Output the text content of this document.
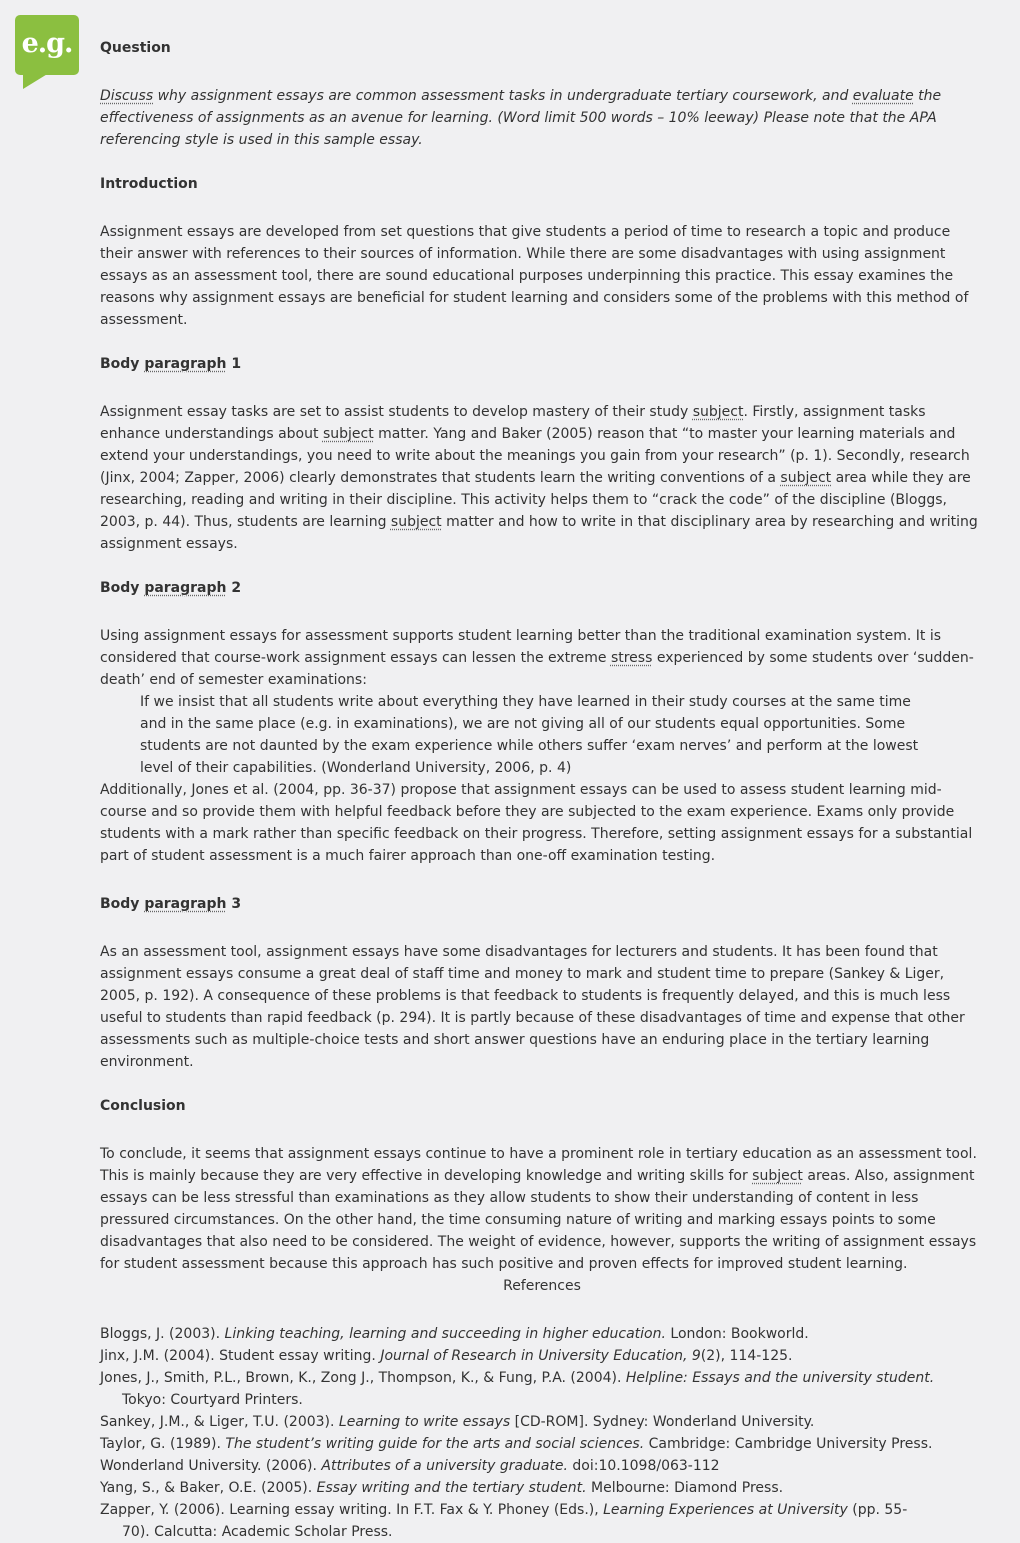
e.g. Question

Discuss why assignment essays are common assessment tasks in undergraduate tertiary coursework, and evaluate the effectiveness of assignments as an avenue for learning. (Word limit 500 words – 10% leeway) Please note that the APA referencing style is used in this sample essay.

Introduction

Assignment essays are developed from set questions that give students a period of time to research a topic and produce their answer with references to their sources of information. While there are some disadvantages with using assignment essays as an assessment tool, there are sound educational purposes underpinning this practice. This essay examines the reasons why assignment essays are beneficial for student learning and considers some of the problems with this method of assessment.

Body paragraph 1

Assignment essay tasks are set to assist students to develop mastery of their study subject. Firstly, assignment tasks enhance understandings about subject matter. Yang and Baker (2005) reason that “to master your learning materials and extend your understandings, you need to write about the meanings you gain from your research” (p. 1). Secondly, research (Jinx, 2004; Zapper, 2006) clearly demonstrates that students learn the writing conventions of a subject area while they are researching, reading and writing in their discipline. This activity helps them to “crack the code” of the discipline (Bloggs, 2003, p. 44). Thus, students are learning subject matter and how to write in that disciplinary area by researching and writing assignment essays.

Body paragraph 2

Using assignment essays for assessment supports student learning better than the traditional examination system. It is considered that course-work assignment essays can lessen the extreme stress experienced by some students over ‘sudden-death’ end of semester examinations:

If we insist that all students write about everything they have learned in their study courses at the same time and in the same place (e.g. in examinations), we are not giving all of our students equal opportunities. Some students are not daunted by the exam experience while others suffer ‘exam nerves’ and perform at the lowest level of their capabilities. (Wonderland University, 2006, p. 4)

Additionally, Jones et al. (2004, pp. 36-37) propose that assignment essays can be used to assess student learning mid-course and so provide them with helpful feedback before they are subjected to the exam experience. Exams only provide students with a mark rather than specific feedback on their progress. Therefore, setting assignment essays for a substantial part of student assessment is a much fairer approach than one-off examination testing.

Body paragraph 3

As an assessment tool, assignment essays have some disadvantages for lecturers and students. It has been found that assignment essays consume a great deal of staff time and money to mark and student time to prepare (Sankey & Liger, 2005, p. 192). A consequence of these problems is that feedback to students is frequently delayed, and this is much less useful to students than rapid feedback (p. 294). It is partly because of these disadvantages of time and expense that other assessments such as multiple-choice tests and short answer questions have an enduring place in the tertiary learning environment.

Conclusion

To conclude, it seems that assignment essays continue to have a prominent role in tertiary education as an assessment tool. This is mainly because they are very effective in developing knowledge and writing skills for subject areas. Also, assignment essays can be less stressful than examinations as they allow students to show their understanding of content in less pressured circumstances. On the other hand, the time consuming nature of writing and marking essays points to some disadvantages that also need to be considered. The weight of evidence, however, supports the writing of assignment essays for student assessment because this approach has such positive and proven effects for improved student learning.

References

Bloggs, J. (2003). Linking teaching, learning and succeeding in higher education. London: Bookworld.

Jinx, J.M. (2004). Student essay writing. Journal of Research in University Education, 9(2), 114-125.

Jones, J., Smith, P.L., Brown, K., Zong J., Thompson, K., & Fung, P.A. (2004). Helpline: Essays and the university student. Tokyo: Courtyard Printers.

Sankey, J.M., & Liger, T.U. (2003). Learning to write essays [CD-ROM]. Sydney: Wonderland University.

Taylor, G. (1989). The student’s writing guide for the arts and social sciences. Cambridge: Cambridge University Press.

Wonderland University. (2006). Attributes of a university graduate. doi:10.1098/063-112

Yang, S., & Baker, O.E. (2005). Essay writing and the tertiary student. Melbourne: Diamond Press.

Zapper, Y. (2006). Learning essay writing. In F.T. Fax & Y. Phoney (Eds.), Learning Experiences at University (pp. 55-70). Calcutta: Academic Scholar Press.
